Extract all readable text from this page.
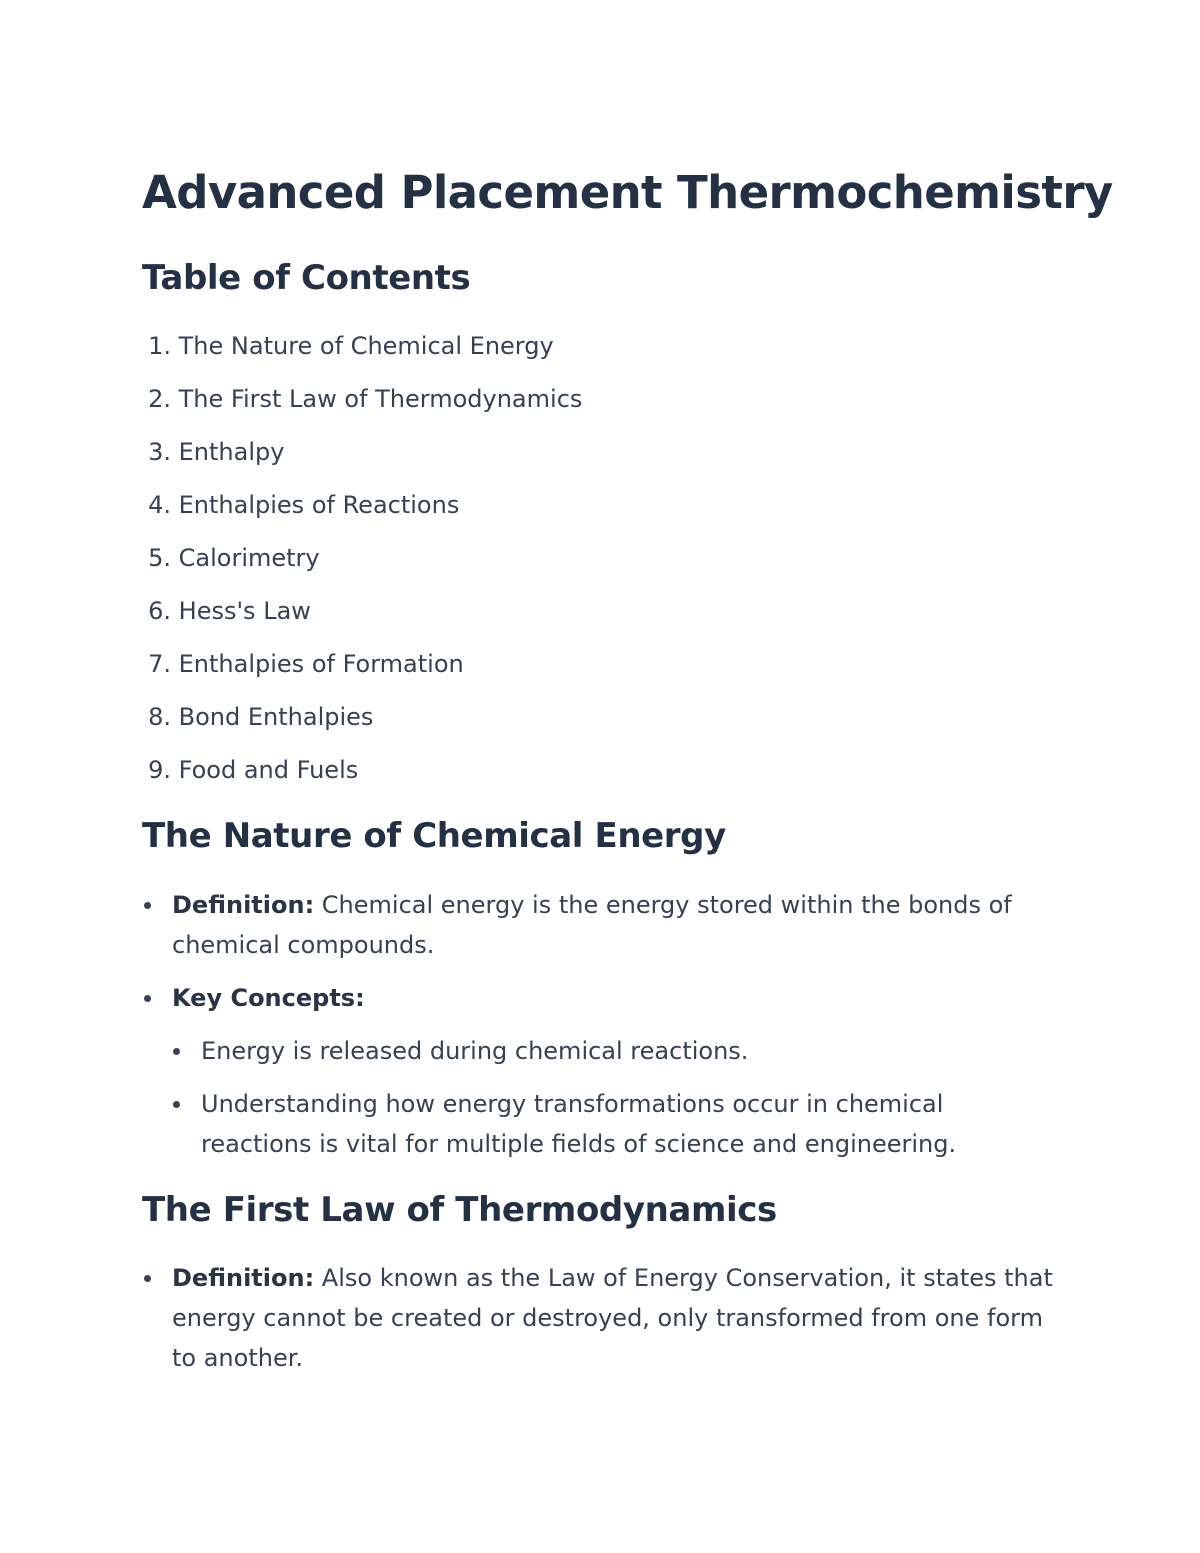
Advanced Placement Thermochemistry
Table of Contents
1. The Nature of Chemical Energy
2. The First Law of Thermodynamics
3. Enthalpy
4. Enthalpies of Reactions
5. Calorimetry
6. Hess's Law
7. Enthalpies of Formation
8. Bond Enthalpies
9. Food and Fuels
The Nature of Chemical Energy
Definition: Chemical energy is the energy stored within the bonds of chemical compounds.
Key Concepts:
Energy is released during chemical reactions.
Understanding how energy transformations occur in chemical reactions is vital for multiple fields of science and engineering.
The First Law of Thermodynamics
Definition: Also known as the Law of Energy Conservation, it states that energy cannot be created or destroyed, only transformed from one form to another.
